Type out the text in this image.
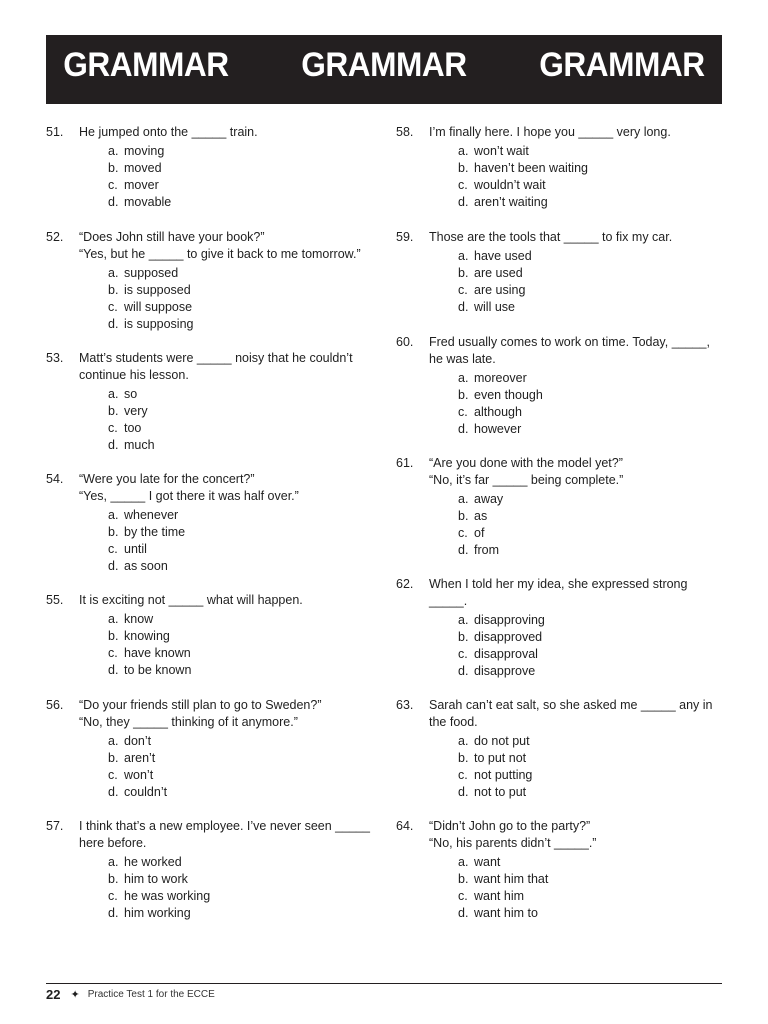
GRAMMAR GRAMMAR GRAMMAR
51. He jumped onto the _____ train.
a. moving
b. moved
c. mover
d. movable
52. “Does John still have your book?”
“Yes, but he _____ to give it back to me tomorrow.”
a. supposed
b. is supposed
c. will suppose
d. is supposing
53. Matt’s students were _____ noisy that he couldn’t
continue his lesson.
a. so
b. very
c. too
d. much
54. “Were you late for the concert?”
“Yes, _____ I got there it was half over.”
a. whenever
b. by the time
c. until
d. as soon
55. It is exciting not _____ what will happen.
a. know
b. knowing
c. have known
d. to be known
56. “Do your friends still plan to go to Sweden?”
“No, they _____ thinking of it anymore.”
a. don’t
b. aren’t
c. won’t
d. couldn’t
57. I think that’s a new employee. I’ve never seen _____
here before.
a. he worked
b. him to work
c. he was working
d. him working
58. I’m finally here. I hope you _____ very long.
a. won’t wait
b. haven’t been waiting
c. wouldn’t wait
d. aren’t waiting
59. Those are the tools that _____ to fix my car.
a. have used
b. are used
c. are using
d. will use
60. Fred usually comes to work on time. Today, _____,
he was late.
a. moreover
b. even though
c. although
d. however
61. “Are you done with the model yet?”
“No, it’s far _____ being complete.”
a. away
b. as
c. of
d. from
62. When I told her my idea, she expressed strong
_____.
a. disapproving
b. disapproved
c. disapproval
d. disapprove
63. Sarah can’t eat salt, so she asked me _____ any in
the food.
a. do not put
b. to put not
c. not putting
d. not to put
64. “Didn’t John go to the party?”
“No, his parents didn’t _____.”
a. want
b. want him that
c. want him
d. want him to
22 ✦ Practice Test 1 for the ECCE
